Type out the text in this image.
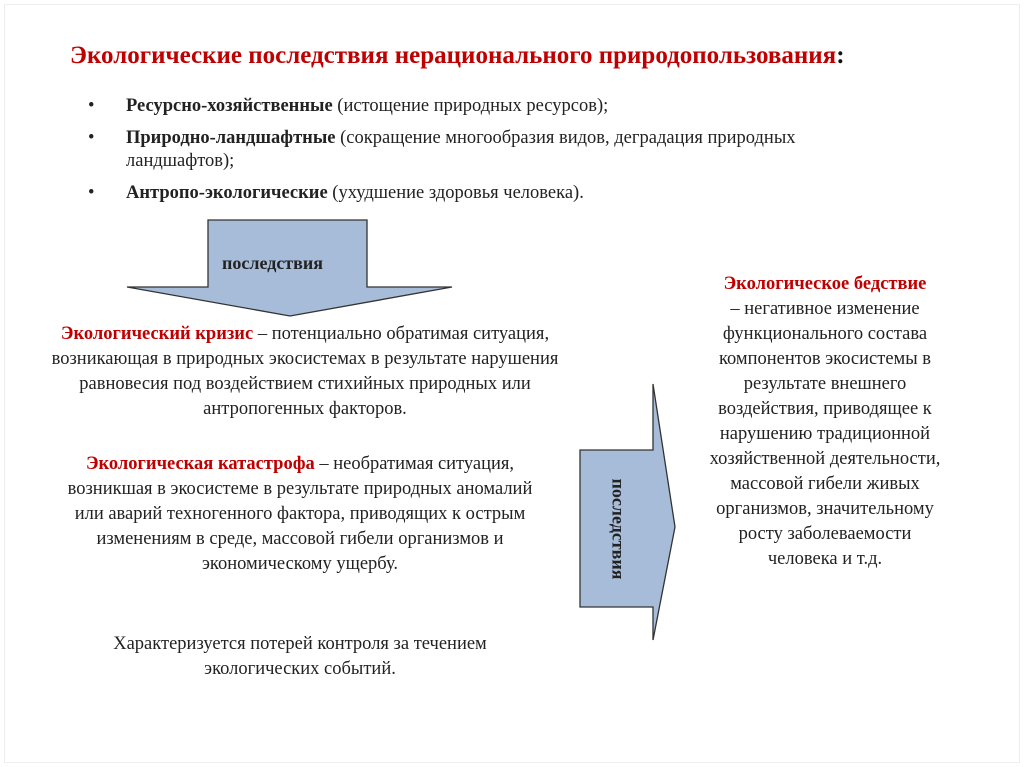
Экологические последствия нерационального природопользования:
• Ресурсно-хозяйственные (истощение природных ресурсов);
• Природно-ландшафтные (сокращение многообразия видов, деградация природных ландшафтов);
• Антропо-экологические (ухудшение здоровья человека).
последствия
последствия
Экологический кризис – потенциально обратимая ситуация, возникающая в природных экосистемах в результате нарушения равновесия под воздействием стихийных природных или антропогенных факторов.
Экологическая катастрофа – необратимая ситуация, возникшая в экосистеме в результате природных аномалий или аварий техногенного фактора, приводящих к острым изменениям в среде, массовой гибели организмов и экономическому ущербу.
Характеризуется потерей контроля за течением экологических событий.
Экологическое бедствие
– негативное изменение функционального состава компонентов экосистемы в результате внешнего воздействия, приводящее к нарушению традиционной хозяйственной деятельности, массовой гибели живых организмов, значительному росту заболеваемости человека и т.д.
